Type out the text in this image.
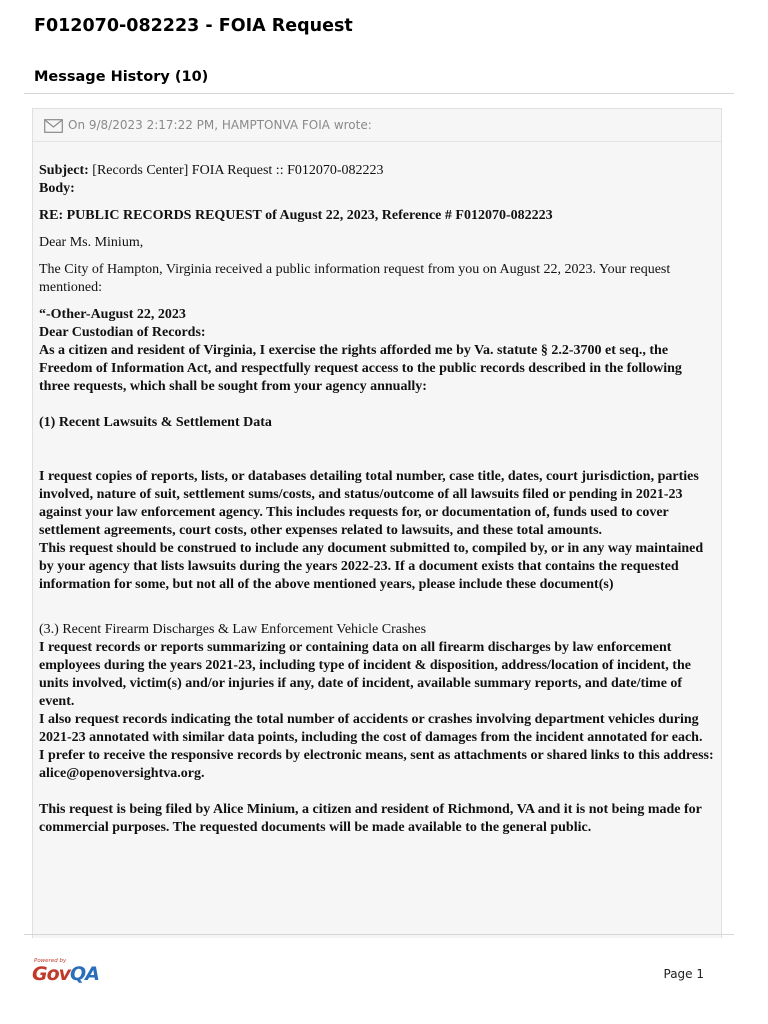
F012070-082223 - FOIA Request
Message History (10)
On 9/8/2023 2:17:22 PM, HAMPTONVA FOIA wrote:

Subject: [Records Center] FOIA Request :: F012070-082223

Body:

RE: PUBLIC RECORDS REQUEST of August 22, 2023, Reference # F012070-082223

Dear Ms. Minium,

The City of Hampton, Virginia received a public information request from you on August 22, 2023. Your request mentioned:

“-Other-August 22, 2023

Dear Custodian of Records:

As a citizen and resident of Virginia, I exercise the rights afforded me by Va. statute § 2.2-3700 et seq., the Freedom of Information Act, and respectfully request access to the public records described in the following three requests, which shall be sought from your agency annually:

(1) Recent Lawsuits & Settlement Data

I request copies of reports, lists, or databases detailing total number, case title, dates, court jurisdiction, parties involved, nature of suit, settlement sums/costs, and status/outcome of all lawsuits filed or pending in 2021-23 against your law enforcement agency. This includes requests for, or documentation of, funds used to cover settlement agreements, court costs, other expenses related to lawsuits, and these total amounts.

This request should be construed to include any document submitted to, compiled by, or in any way maintained by your agency that lists lawsuits during the years 2022-23. If a document exists that contains the requested information for some, but not all of the above mentioned years, please include these document(s)

(3.) Recent Firearm Discharges & Law Enforcement Vehicle Crashes

I request records or reports summarizing or containing data on all firearm discharges by law enforcement employees during the years 2021-23, including type of incident & disposition, address/location of incident, the units involved, victim(s) and/or injuries if any, date of incident, available summary reports, and date/time of event.

I also request records indicating the total number of accidents or crashes involving department vehicles during 2021-23 annotated with similar data points, including the cost of damages from the incident annotated for each.

I prefer to receive the responsive records by electronic means, sent as attachments or shared links to this address: alice@openoversightva.org.

This request is being filed by Alice Minium, a citizen and resident of Richmond, VA and it is not being made for commercial purposes. The requested documents will be made available to the general public.

Powered by
GovQA	Page 1
